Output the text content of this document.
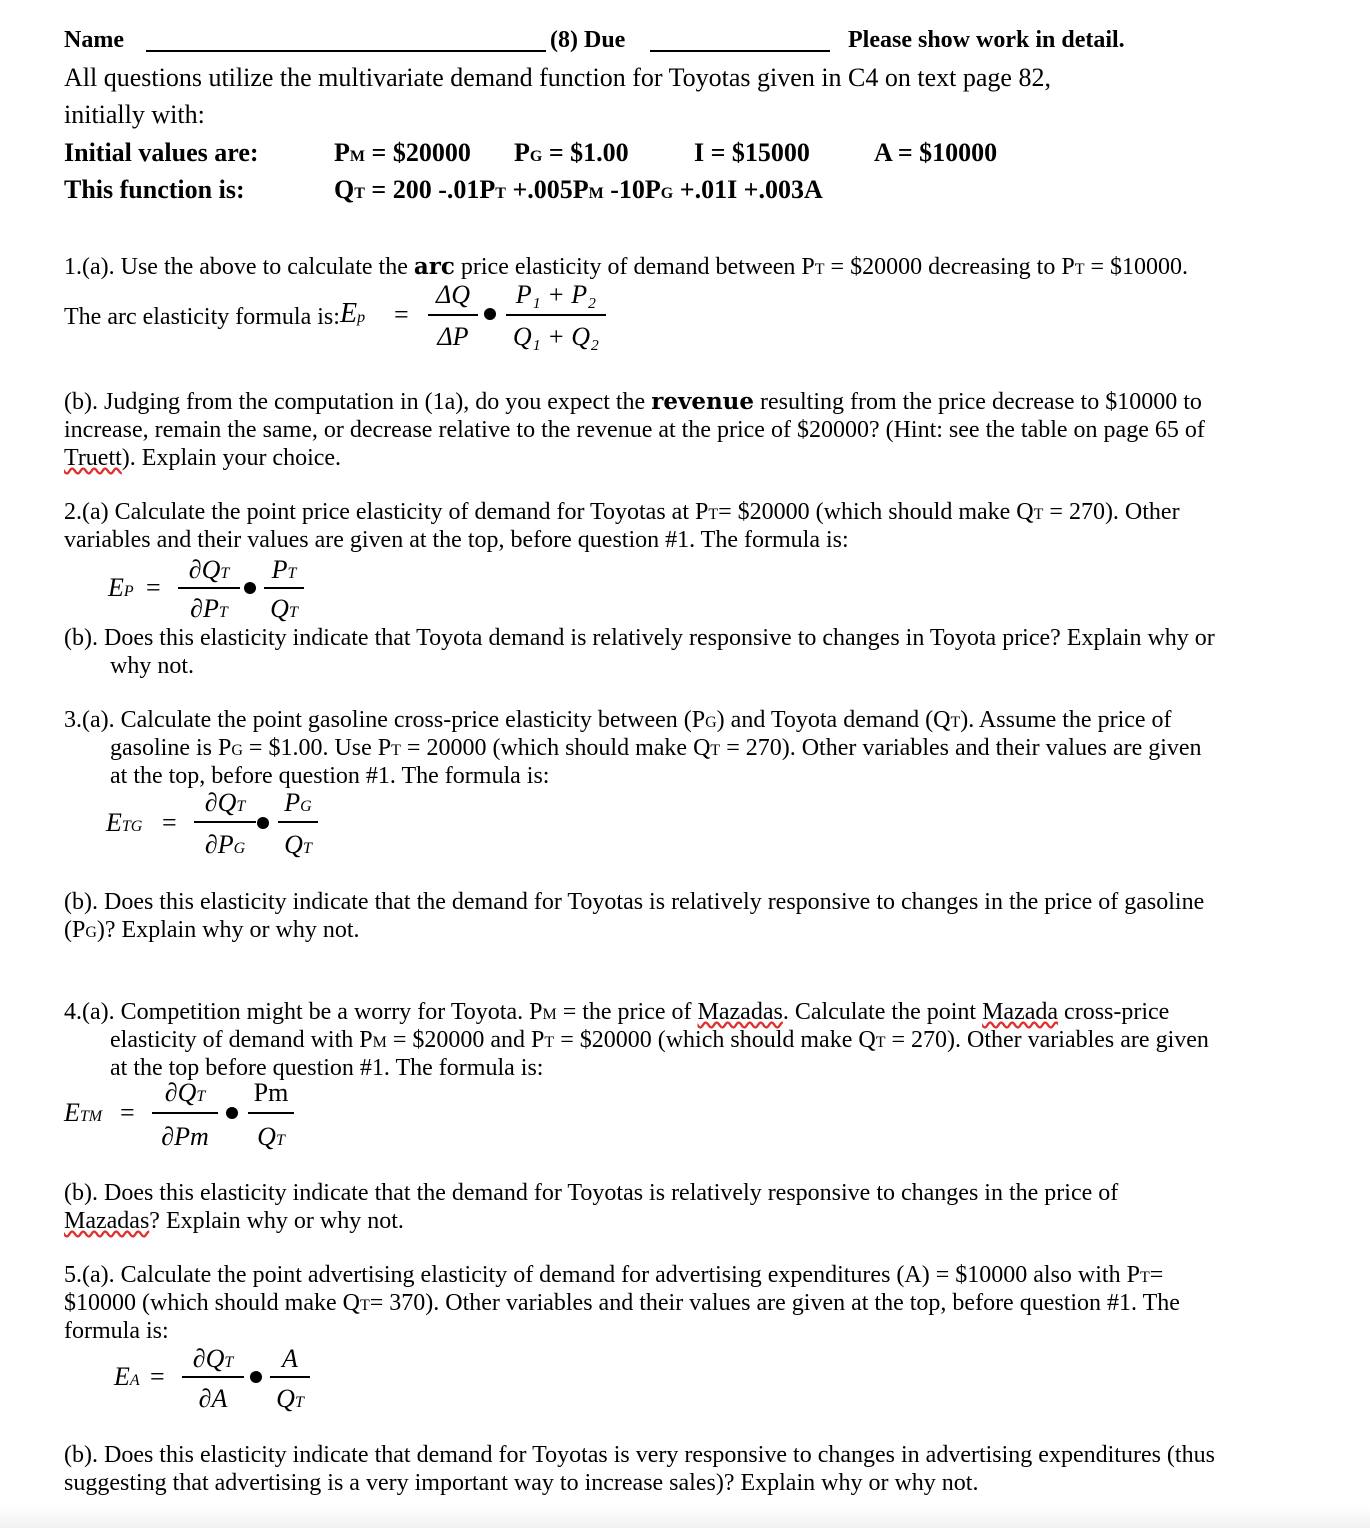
Name	(8) Due	Please show work in detail.
All questions utilize the multivariate demand function for Toyotas given in C4 on text page 82,
initially with:
Initial values are:	PM = $20000 PG = $1.00	I = $15000 A = $10000
This function is:	QT = 200 -.01PT +.005PM -10PG +.01I +.003A
1.(a). Use the above to calculate the arc price elasticity of demand between PT = $20000 decreasing to PT = $10000.
The arc elasticity formula is: Ep =
ΔQ
ΔP
P₁ + P₂
Q₁ + Q₂
(b). Judging from the computation in (1a), do you expect the revenue resulting from the price decrease to $10000 to
increase, remain the same, or decrease relative to the revenue at the price of $20000? (Hint: see the table on page 65 of
Truett). Explain your choice.
2.(a) Calculate the point price elasticity of demand for Toyotas at PT= $20000 (which should make QT = 270). Other
variables and their values are given at the top, before question #1. The formula is:
EP =
∂QT
∂PT
PT
QT
(b). Does this elasticity indicate that Toyota demand is relatively responsive to changes in Toyota price? Explain why or
why not.
3.(a). Calculate the point gasoline cross-price elasticity between (PG) and Toyota demand (QT). Assume the price of
gasoline is PG = $1.00. Use PT = 20000 (which should make QT = 270). Other variables and their values are given
at the top, before question #1. The formula is:
ETG =
∂QT
∂PG
PG
QT
(b). Does this elasticity indicate that the demand for Toyotas is relatively responsive to changes in the price of gasoline
(PG)? Explain why or why not.
4.(a). Competition might be a worry for Toyota. PM = the price of Mazadas. Calculate the point Mazada cross-price
elasticity of demand with PM = $20000 and PT = $20000 (which should make QT = 270). Other variables are given
at the top before question #1. The formula is:
ETM =
∂QT
∂Pm
Pm
QT
(b). Does this elasticity indicate that the demand for Toyotas is relatively responsive to changes in the price of
Mazadas? Explain why or why not.
5.(a). Calculate the point advertising elasticity of demand for advertising expenditures (A) = $10000 also with PT=
$10000 (which should make QT= 370). Other variables and their values are given at the top, before question #1. The
formula is:
EA =
∂QT
∂A
A
QT
(b). Does this elasticity indicate that demand for Toyotas is very responsive to changes in advertising expenditures (thus
suggesting that advertising is a very important way to increase sales)? Explain why or why not.
